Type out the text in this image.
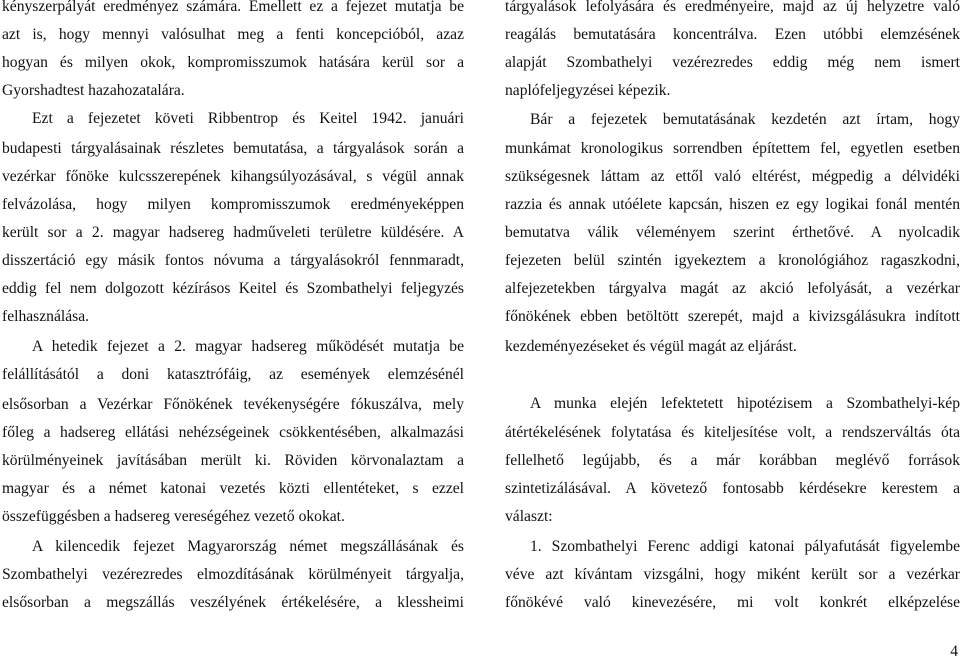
kényszerpályát eredményez számára. Emellett ez a fejezet mutatja be
azt is, hogy mennyi valósulhat meg a fenti koncepcióból, azaz
hogyan és milyen okok, kompromisszumok hatására kerül sor a
Gyorshadtest hazahozatalára.
Ezt a fejezetet követi Ribbentrop és Keitel 1942. januári
budapesti tárgyalásainak részletes bemutatása, a tárgyalások során a
vezérkar főnöke kulcsszerepének kihangsúlyozásával, s végül annak
felvázolása, hogy milyen kompromisszumok eredményeképpen
került sor a 2. magyar hadsereg hadműveleti területre küldésére. A
disszertáció egy másik fontos nóvuma a tárgyalásokról fennmaradt,
eddig fel nem dolgozott kézírásos Keitel és Szombathelyi feljegyzés
felhasználása.
A hetedik fejezet a 2. magyar hadsereg működését mutatja be
felállításától a doni katasztrófáig, az események elemzésénél
elsősorban a Vezérkar Főnökének tevékenységére fókuszálva, mely
főleg a hadsereg ellátási nehézségeinek csökkentésében, alkalmazási
körülményeinek javításában merült ki. Röviden körvonalaztam a
magyar és a német katonai vezetés közti ellentéteket, s ezzel
összefüggésben a hadsereg vereségéhez vezető okokat.
A kilencedik fejezet Magyarország német megszállásának és
Szombathelyi vezérezredes elmozdításának körülményeit tárgyalja,
elsősorban a megszállás veszélyének értékelésére, a klessheimi
tárgyalások lefolyására és eredményeire, majd az új helyzetre való
reagálás bemutatására koncentrálva. Ezen utóbbi elemzésének
alapját Szombathelyi vezérezredes eddig még nem ismert
naplófeljegyzései képezik.
Bár a fejezetek bemutatásának kezdetén azt írtam, hogy
munkámat kronologikus sorrendben építettem fel, egyetlen esetben
szükségesnek láttam az ettől való eltérést, mégpedig a délvidéki
razzia és annak utóélete kapcsán, hiszen ez egy logikai fonál mentén
bemutatva válik véleményem szerint érthetővé. A nyolcadik
fejezeten belül szintén igyekeztem a kronológiához ragaszkodni,
alfejezetekben tárgyalva magát az akció lefolyását, a vezérkar
főnökének ebben betöltött szerepét, majd a kivizsgálásukra indított
kezdeményezéseket és végül magát az eljárást.
A munka elején lefektetett hipotézisem a Szombathelyi-kép
átértékelésének folytatása és kiteljesítése volt, a rendszerváltás óta
fellelhető legújabb, és a már korábban meglévő források
szintetizálásával. A követező fontosabb kérdésekre kerestem a
választ:
1. Szombathelyi Ferenc addigi katonai pályafutását figyelembe
véve azt kívántam vizsgálni, hogy miként került sor a vezérkar
főnökévé való kinevezésére, mi volt konkrét elképzelése
4
